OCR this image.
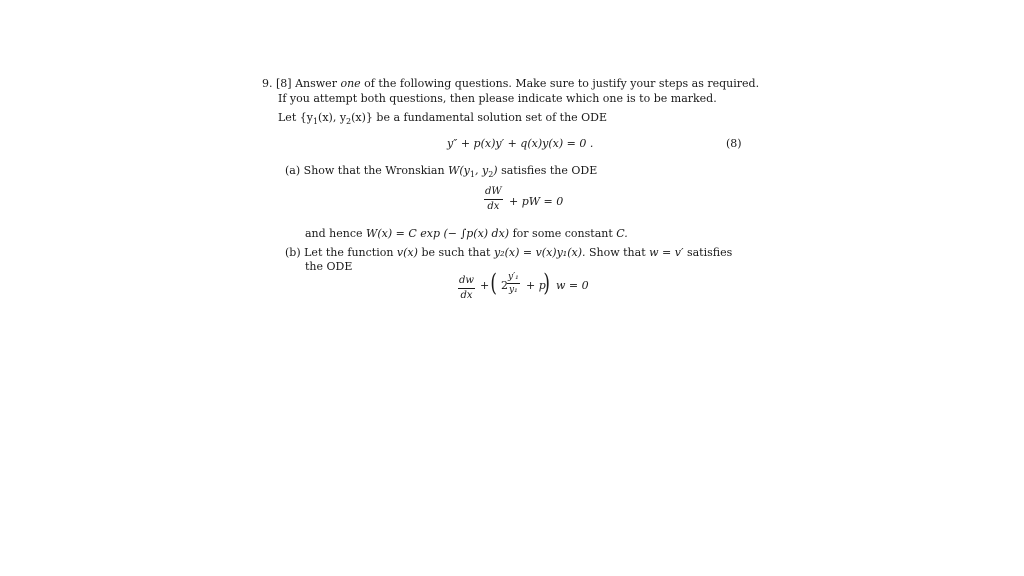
9. [8] Answer one of the following questions. Make sure to justify your steps as required.
If you attempt both questions, then please indicate which one is to be marked.
Let {$y_1(x)$, $y_2(x)$} be a fundamental solution set of the ODE
y″ + p(x)y′ + q(x)y(x) = 0 .	(8)
(a) Show that the Wronskian $W(y_1$, $y_2$) satisfies the ODE
dW
dx + pW = 0
and hence W(x) = C exp (− ∫p(x) dx) for some constant C.
(b) Let the function v(x) be such that y₂(x) = v(x)y₁(x). Show that w = v′ satisfies
the ODE
dw
dx
+ ( 2
y′₁
y₁ + p
) w = 0
